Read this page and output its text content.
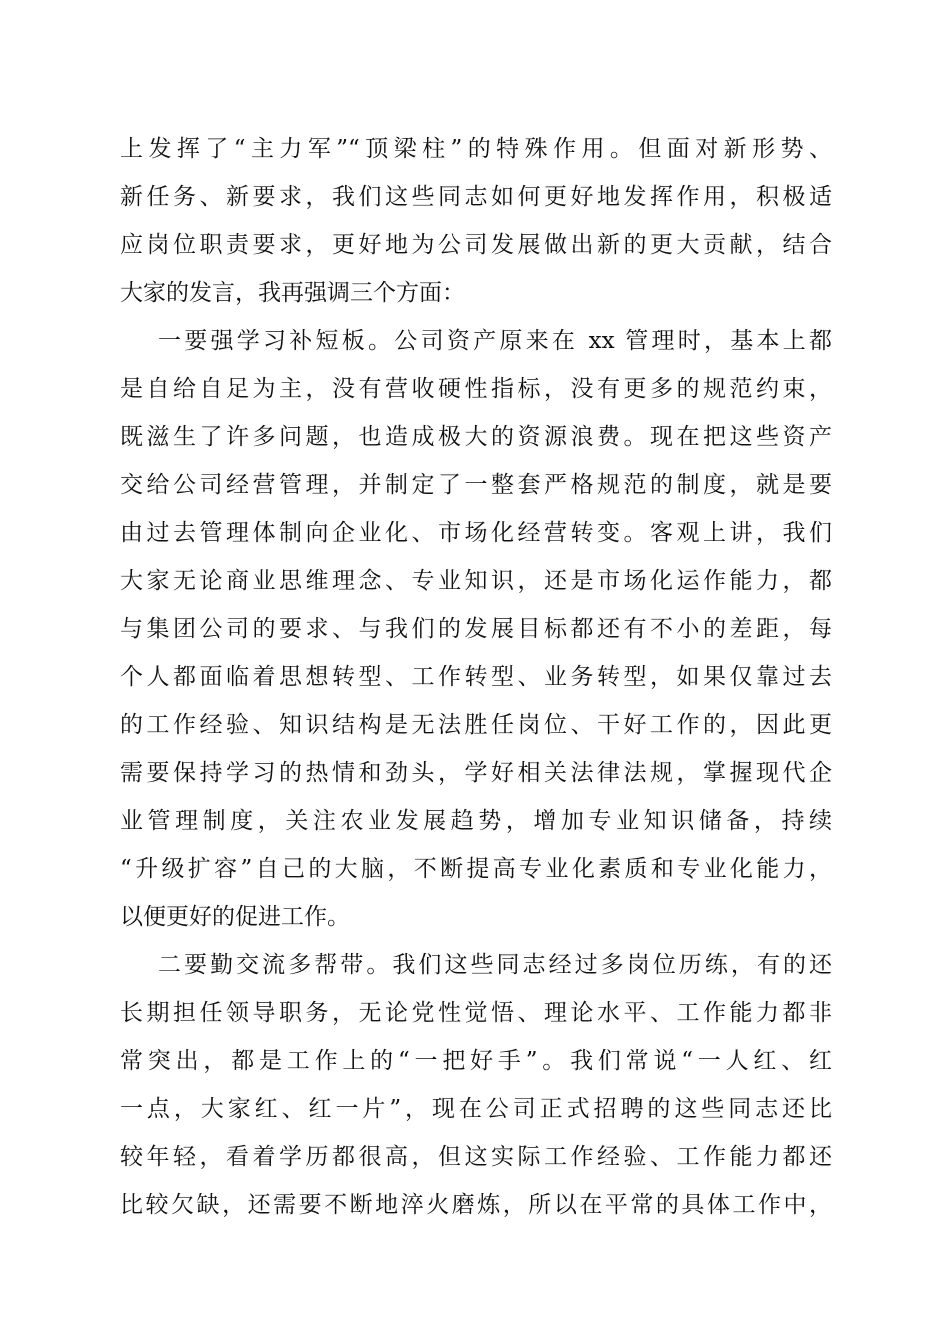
上发挥了“主力军”“顶梁柱”的特殊作用。但面对新形势、
新任务、新要求，我们这些同志如何更好地发挥作用，积极适
应岗位职责要求，更好地为公司发展做出新的更大贡献，结合
大家的发言，我再强调三个方面：
一要强学习补短板。公司资产原来在 xx 管理时，基本上都
是自给自足为主，没有营收硬性指标，没有更多的规范约束，
既滋生了许多问题，也造成极大的资源浪费。现在把这些资产
交给公司经营管理，并制定了一整套严格规范的制度，就是要
由过去管理体制向企业化、市场化经营转变。客观上讲，我们
大家无论商业思维理念、专业知识，还是市场化运作能力，都
与集团公司的要求、与我们的发展目标都还有不小的差距，每
个人都面临着思想转型、工作转型、业务转型，如果仅靠过去
的工作经验、知识结构是无法胜任岗位、干好工作的，因此更
需要保持学习的热情和劲头，学好相关法律法规，掌握现代企
业管理制度，关注农业发展趋势，增加专业知识储备，持续
“升级扩容”自己的大脑，不断提高专业化素质和专业化能力，
以便更好的促进工作。
二要勤交流多帮带。我们这些同志经过多岗位历练，有的还
长期担任领导职务，无论党性觉悟、理论水平、工作能力都非
常突出，都是工作上的“一把好手”。我们常说“一人红、红
一点，大家红、红一片”，现在公司正式招聘的这些同志还比
较年轻，看着学历都很高，但这实际工作经验、工作能力都还
比较欠缺，还需要不断地淬火磨炼，所以在平常的具体工作中，
